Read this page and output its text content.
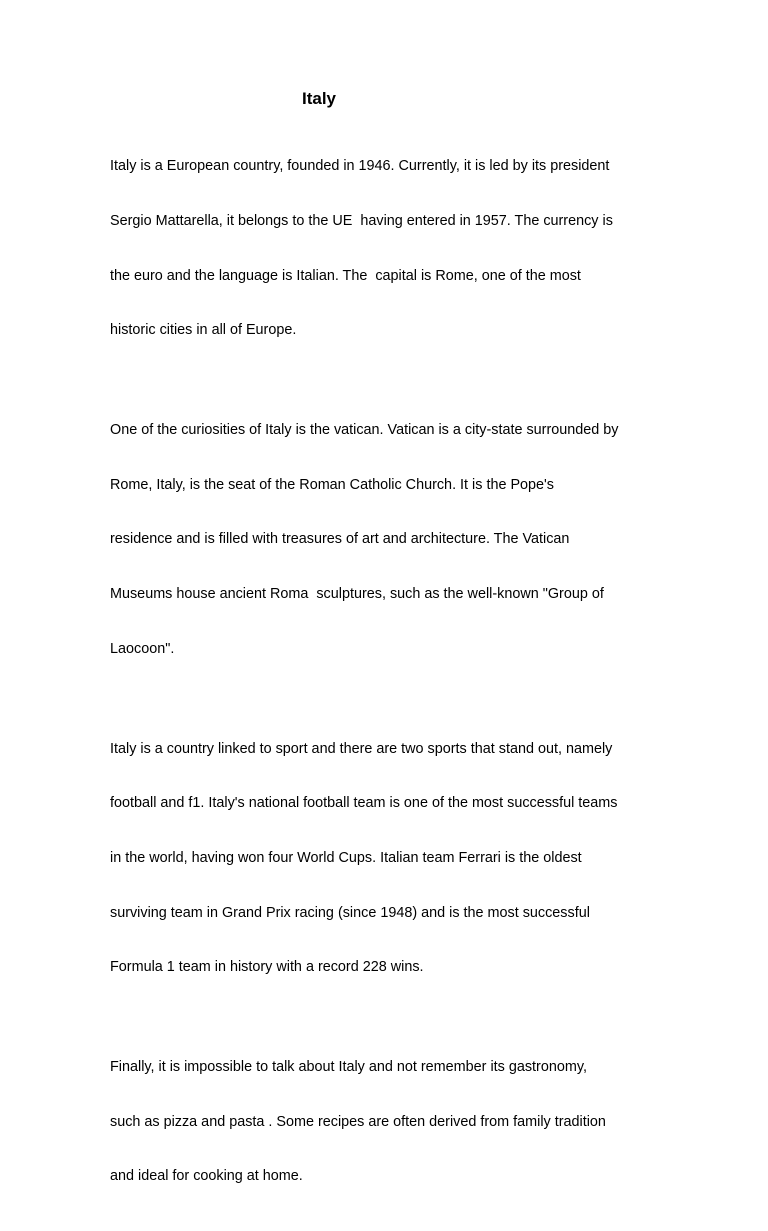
Italy

Italy is a European country, founded in 1946. Currently, it is led by its president

Sergio Mattarella, it belongs to the UE  having entered in 1957. The currency is

the euro and the language is Italian. The  capital is Rome, one of the most

historic cities in all of Europe.

One of the curiosities of Italy is the vatican. Vatican is a city-state surrounded by

Rome, Italy, is the seat of the Roman Catholic Church. It is the Pope's

residence and is filled with treasures of art and architecture. The Vatican

Museums house ancient Roma  sculptures, such as the well-known "Group of

Laocoon".

Italy is a country linked to sport and there are two sports that stand out, namely

football and f1. Italy's national football team is one of the most successful teams

in the world, having won four World Cups. Italian team Ferrari is the oldest

surviving team in Grand Prix racing (since 1948) and is the most successful

Formula 1 team in history with a record 228 wins.

Finally, it is impossible to talk about Italy and not remember its gastronomy,

such as pizza and pasta . Some recipes are often derived from family tradition

and ideal for cooking at home.
